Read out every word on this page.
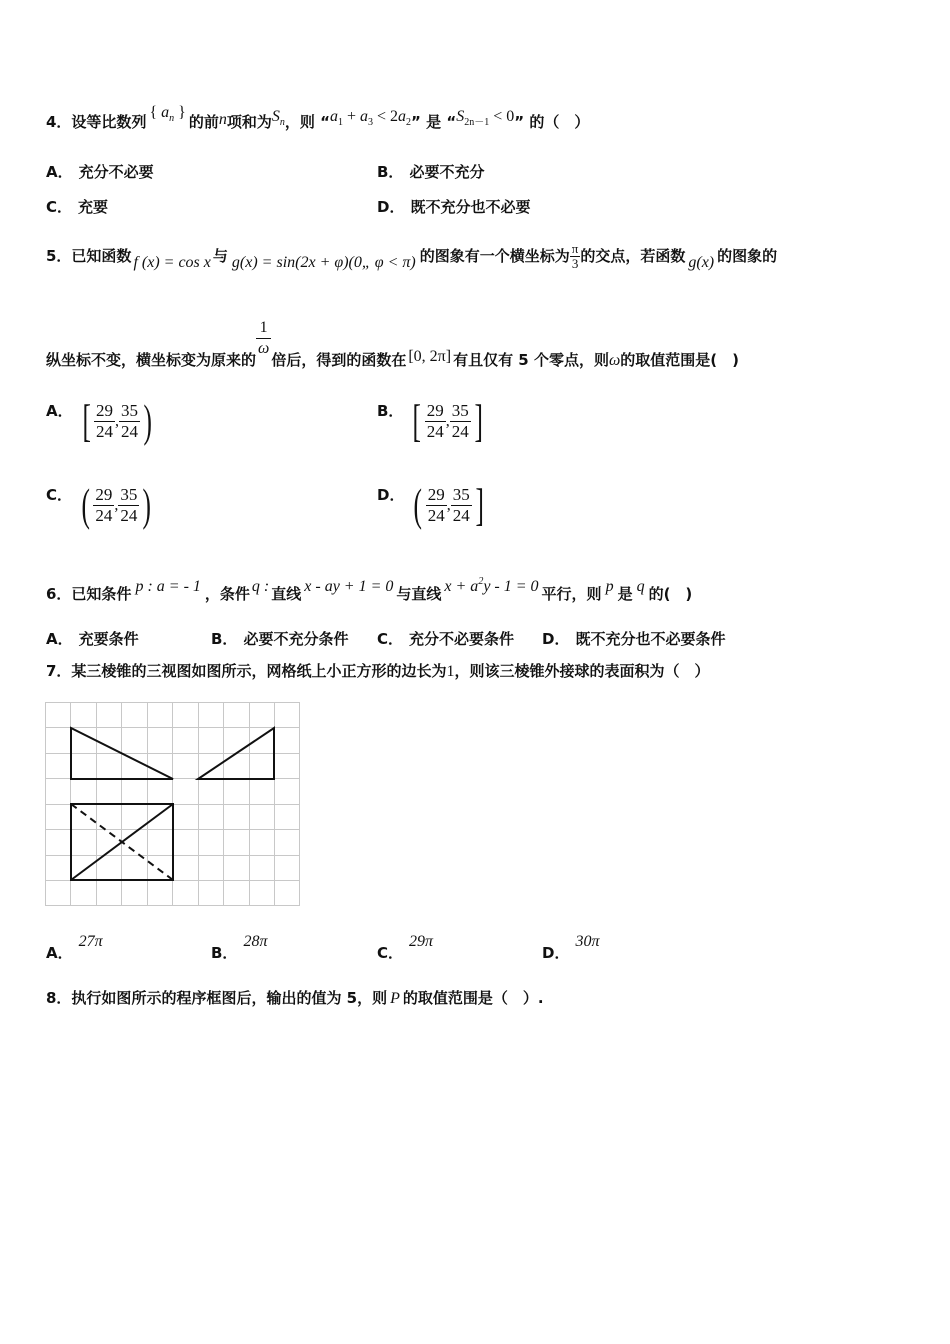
4．设等比数列{ $a_n$ }的前n项和为$S_n$，则 “$a_1 + a_3 < 2a_2$” 是 “$S_{2n-1} < 0$” 的（　）
A． 充分不必要	B． 必要不充分
C． 充要	D． 既不充分也不必要
5．已知函数 f (x) = cos x 与 g(x) = sin(2x + φ)(0„ φ < π) 的图象有一个横坐标为 $\frac{\pi}{3}$ 的交点，若函数 g(x) 的图象的
纵坐标不变，横坐标变为原来的
$\frac{1}{\omega}$
倍后，得到的函数在 [0, 2π] 有且仅有 5 个零点，则ω的取值范围是(　)
A． [ $\frac{29}{24}$ , $\frac{35}{24}$ )	B． [ $\frac{29}{24}$ , $\frac{35}{24}$ ]
C． ( $\frac{29}{24}$ , $\frac{35}{24}$ )	D． ( $\frac{29}{24}$ , $\frac{35}{24}$ ]
6．已知条件 p : a = - 1 ，条件 q : 直线 x - ay + 1 = 0 与直线 $x + a^2y - 1 = 0$ 平行，则 p 是 q 的(　)
A． 充要条件	B． 必要不充分条件 C． 充分不必要条件 D． 既不充分也不必要条件
7．某三棱锥的三视图如图所示，网格纸上小正方形的边长为1，则该三棱锥外接球的表面积为（　）
A．27π
B．28π
C．29π
D．30π
8．执行如图所示的程序框图后，输出的值为 5，则 P 的取值范围是（　）.
